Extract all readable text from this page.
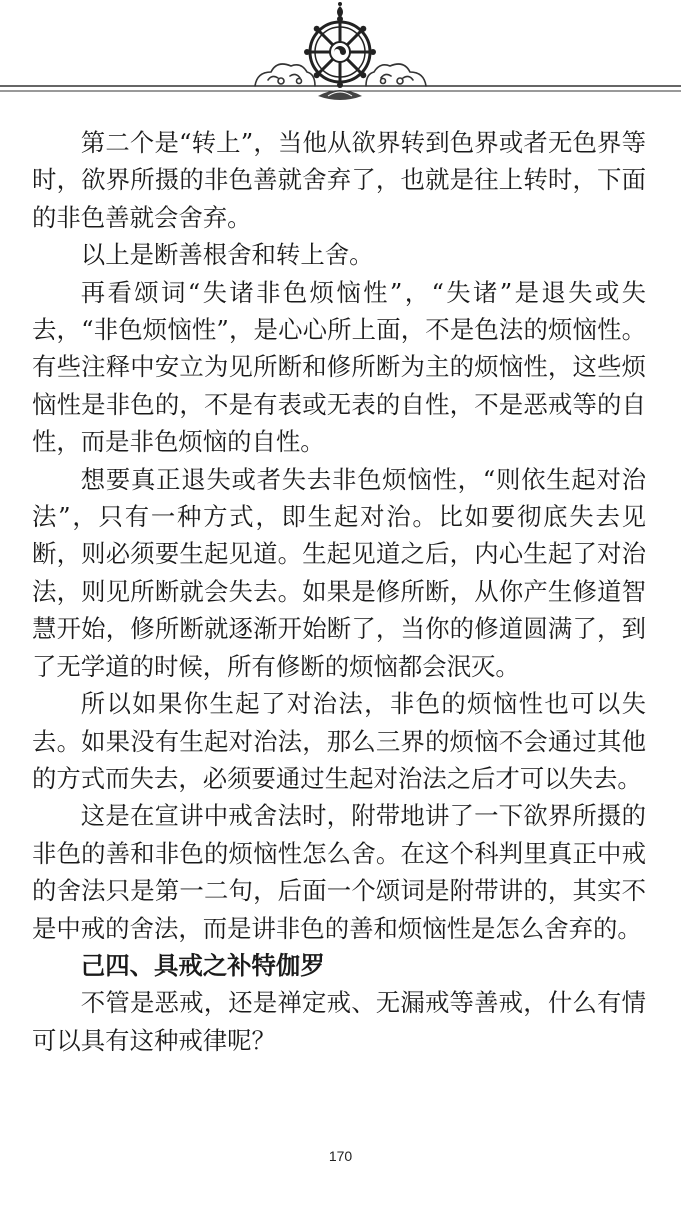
第二个是“转上”，当他从欲界转到色界或者无色界等时，欲界所摄的非色善就舍弃了，也就是往上转时，下面的非色善就会舍弃。

以上是断善根舍和转上舍。

再看颂词“失诸非色烦恼性”，“失诸”是退失或失去，“非色烦恼性”，是心心所上面，不是色法的烦恼性。有些注释中安立为见所断和修所断为主的烦恼性，这些烦恼性是非色的，不是有表或无表的自性，不是恶戒等的自性，而是非色烦恼的自性。

想要真正退失或者失去非色烦恼性，“则依生起对治法”，只有一种方式，即生起对治。比如要彻底失去见断，则必须要生起见道。生起见道之后，内心生起了对治法，则见所断就会失去。如果是修所断，从你产生修道智慧开始，修所断就逐渐开始断了，当你的修道圆满了，到了无学道的时候，所有修断的烦恼都会泯灭。

所以如果你生起了对治法，非色的烦恼性也可以失去。如果没有生起对治法，那么三界的烦恼不会通过其他的方式而失去，必须要通过生起对治法之后才可以失去。

这是在宣讲中戒舍法时，附带地讲了一下欲界所摄的非色的善和非色的烦恼性怎么舍。在这个科判里真正中戒的舍法只是第一二句，后面一个颂词是附带讲的，其实不是中戒的舍法，而是讲非色的善和烦恼性是怎么舍弃的。

己四、具戒之补特伽罗

不管是恶戒，还是禅定戒、无漏戒等善戒，什么有情可以具有这种戒律呢？

170
